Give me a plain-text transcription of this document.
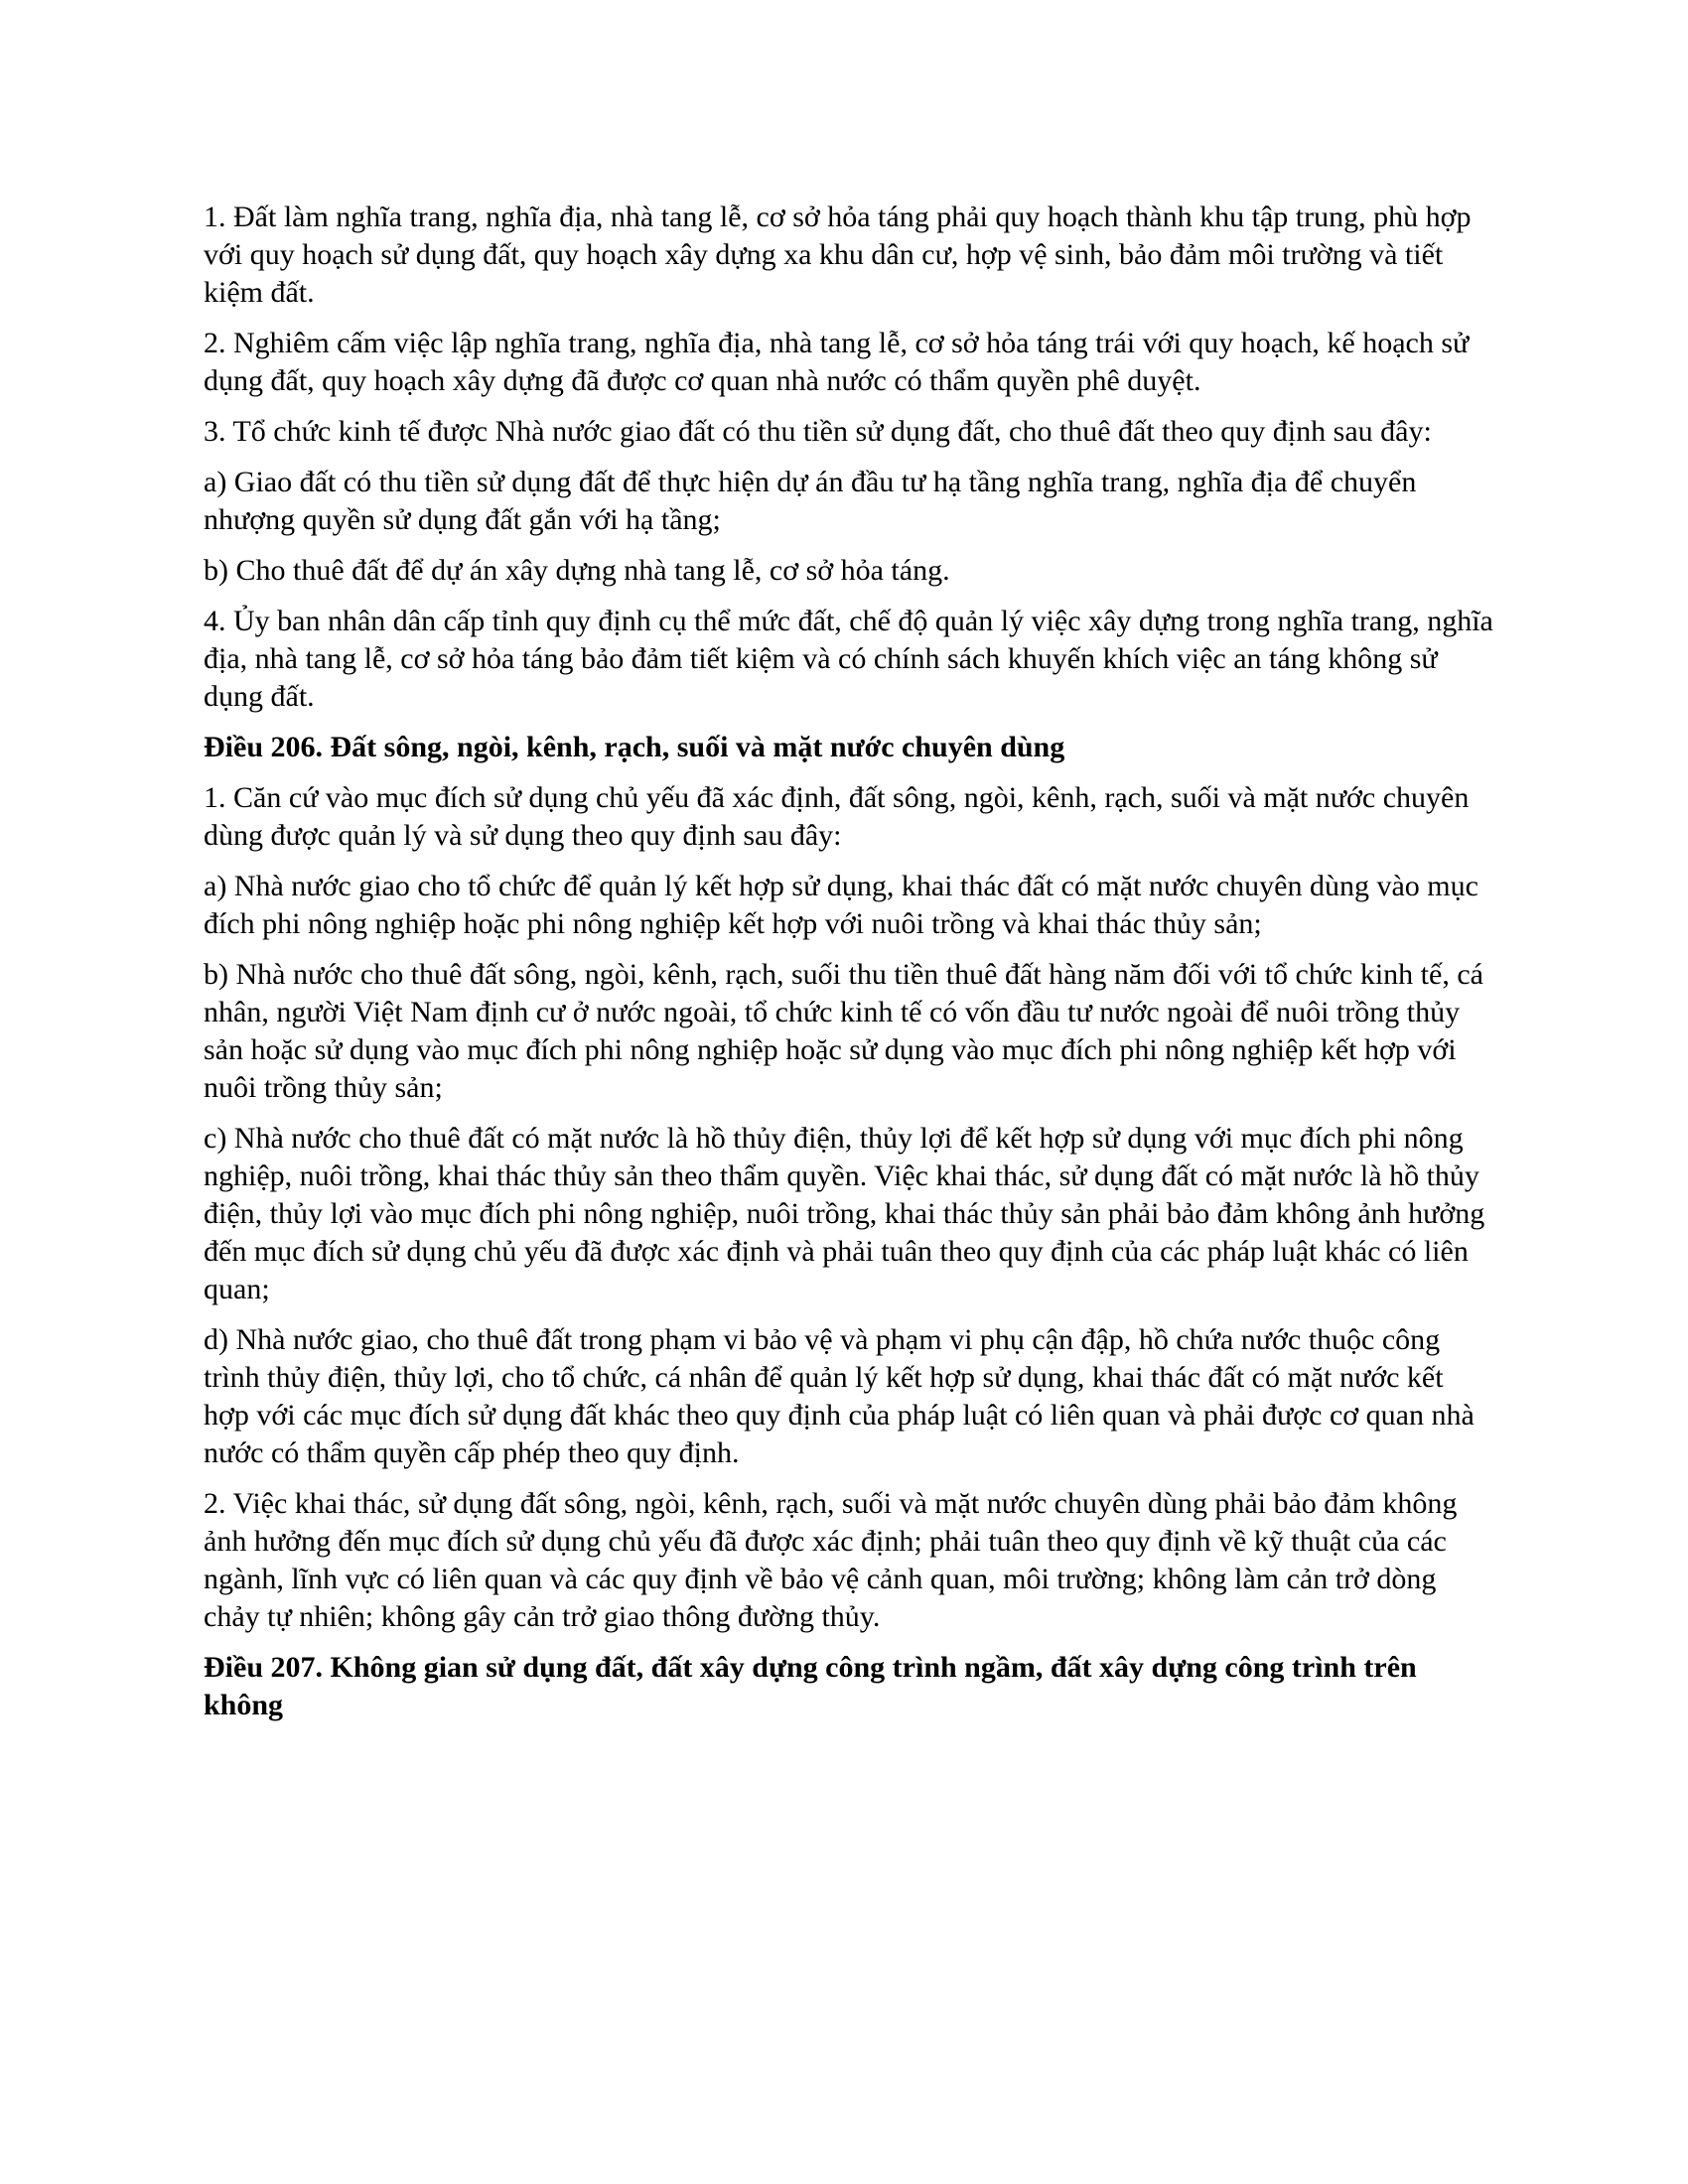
1. Đất làm nghĩa trang, nghĩa địa, nhà tang lễ, cơ sở hỏa táng phải quy hoạch thành khu tập trung, phù hợp với quy hoạch sử dụng đất, quy hoạch xây dựng xa khu dân cư, hợp vệ sinh, bảo đảm môi trường và tiết kiệm đất.

2. Nghiêm cấm việc lập nghĩa trang, nghĩa địa, nhà tang lễ, cơ sở hỏa táng trái với quy hoạch, kế hoạch sử dụng đất, quy hoạch xây dựng đã được cơ quan nhà nước có thẩm quyền phê duyệt.

3. Tổ chức kinh tế được Nhà nước giao đất có thu tiền sử dụng đất, cho thuê đất theo quy định sau đây:

a) Giao đất có thu tiền sử dụng đất để thực hiện dự án đầu tư hạ tầng nghĩa trang, nghĩa địa để chuyển nhượng quyền sử dụng đất gắn với hạ tầng;

b) Cho thuê đất để dự án xây dựng nhà tang lễ, cơ sở hỏa táng.

4. Ủy ban nhân dân cấp tỉnh quy định cụ thể mức đất, chế độ quản lý việc xây dựng trong nghĩa trang, nghĩa địa, nhà tang lễ, cơ sở hỏa táng bảo đảm tiết kiệm và có chính sách khuyến khích việc an táng không sử dụng đất.

Điều 206. Đất sông, ngòi, kênh, rạch, suối và mặt nước chuyên dùng

1. Căn cứ vào mục đích sử dụng chủ yếu đã xác định, đất sông, ngòi, kênh, rạch, suối và mặt nước chuyên dùng được quản lý và sử dụng theo quy định sau đây:

a) Nhà nước giao cho tổ chức để quản lý kết hợp sử dụng, khai thác đất có mặt nước chuyên dùng vào mục đích phi nông nghiệp hoặc phi nông nghiệp kết hợp với nuôi trồng và khai thác thủy sản;

b) Nhà nước cho thuê đất sông, ngòi, kênh, rạch, suối thu tiền thuê đất hàng năm đối với tổ chức kinh tế, cá nhân, người Việt Nam định cư ở nước ngoài, tổ chức kinh tế có vốn đầu tư nước ngoài để nuôi trồng thủy sản hoặc sử dụng vào mục đích phi nông nghiệp hoặc sử dụng vào mục đích phi nông nghiệp kết hợp với nuôi trồng thủy sản;

c) Nhà nước cho thuê đất có mặt nước là hồ thủy điện, thủy lợi để kết hợp sử dụng với mục đích phi nông nghiệp, nuôi trồng, khai thác thủy sản theo thẩm quyền. Việc khai thác, sử dụng đất có mặt nước là hồ thủy điện, thủy lợi vào mục đích phi nông nghiệp, nuôi trồng, khai thác thủy sản phải bảo đảm không ảnh hưởng đến mục đích sử dụng chủ yếu đã được xác định và phải tuân theo quy định của các pháp luật khác có liên quan;

d) Nhà nước giao, cho thuê đất trong phạm vi bảo vệ và phạm vi phụ cận đập, hồ chứa nước thuộc công trình thủy điện, thủy lợi, cho tổ chức, cá nhân để quản lý kết hợp sử dụng, khai thác đất có mặt nước kết hợp với các mục đích sử dụng đất khác theo quy định của pháp luật có liên quan và phải được cơ quan nhà nước có thẩm quyền cấp phép theo quy định.

2. Việc khai thác, sử dụng đất sông, ngòi, kênh, rạch, suối và mặt nước chuyên dùng phải bảo đảm không ảnh hưởng đến mục đích sử dụng chủ yếu đã được xác định; phải tuân theo quy định về kỹ thuật của các ngành, lĩnh vực có liên quan và các quy định về bảo vệ cảnh quan, môi trường; không làm cản trở dòng chảy tự nhiên; không gây cản trở giao thông đường thủy.

Điều 207. Không gian sử dụng đất, đất xây dựng công trình ngầm, đất xây dựng công trình trên không
